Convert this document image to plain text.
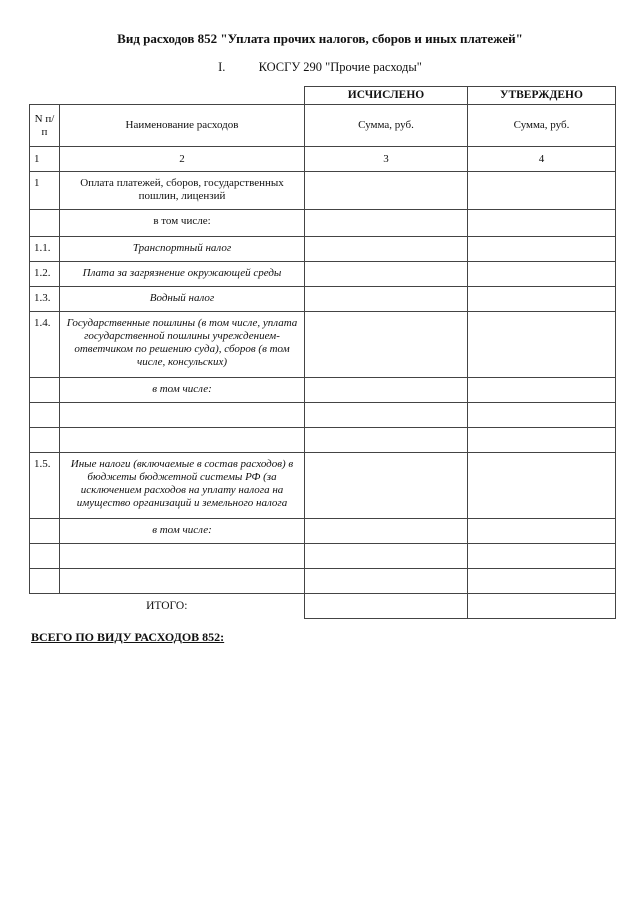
Вид расходов 852 "Уплата прочих налогов, сборов и иных платежей"
I.	КОСГУ 290 "Прочие расходы"
		ИСЧИСЛЕНО	УТВЕРЖДЕНО
N п/п	Наименование расходов	Сумма, руб.	Сумма, руб.
1	2	3	4
1	Оплата платежей, сборов, государственных пошлин, лицензий		
	в том числе:		
1.1.	Транспортный налог		
1.2.	Плата за загрязнение окружающей среды		
1.3.	Водный налог		
1.4.	Государственные пошлины (в том числе, уплата государственной пошлины учреждением-ответчиком по решению суда), сборов (в том числе, консульских)		
	в том числе:		

1.5.	Иные налоги (включаемые в состав расходов) в бюджеты бюджетной системы РФ (за исключением расходов на уплату налога на имущество организаций и земельного налога		
	в том числе:		

ИТОГО:			
ВСЕГО ПО ВИДУ РАСХОДОВ 852:
